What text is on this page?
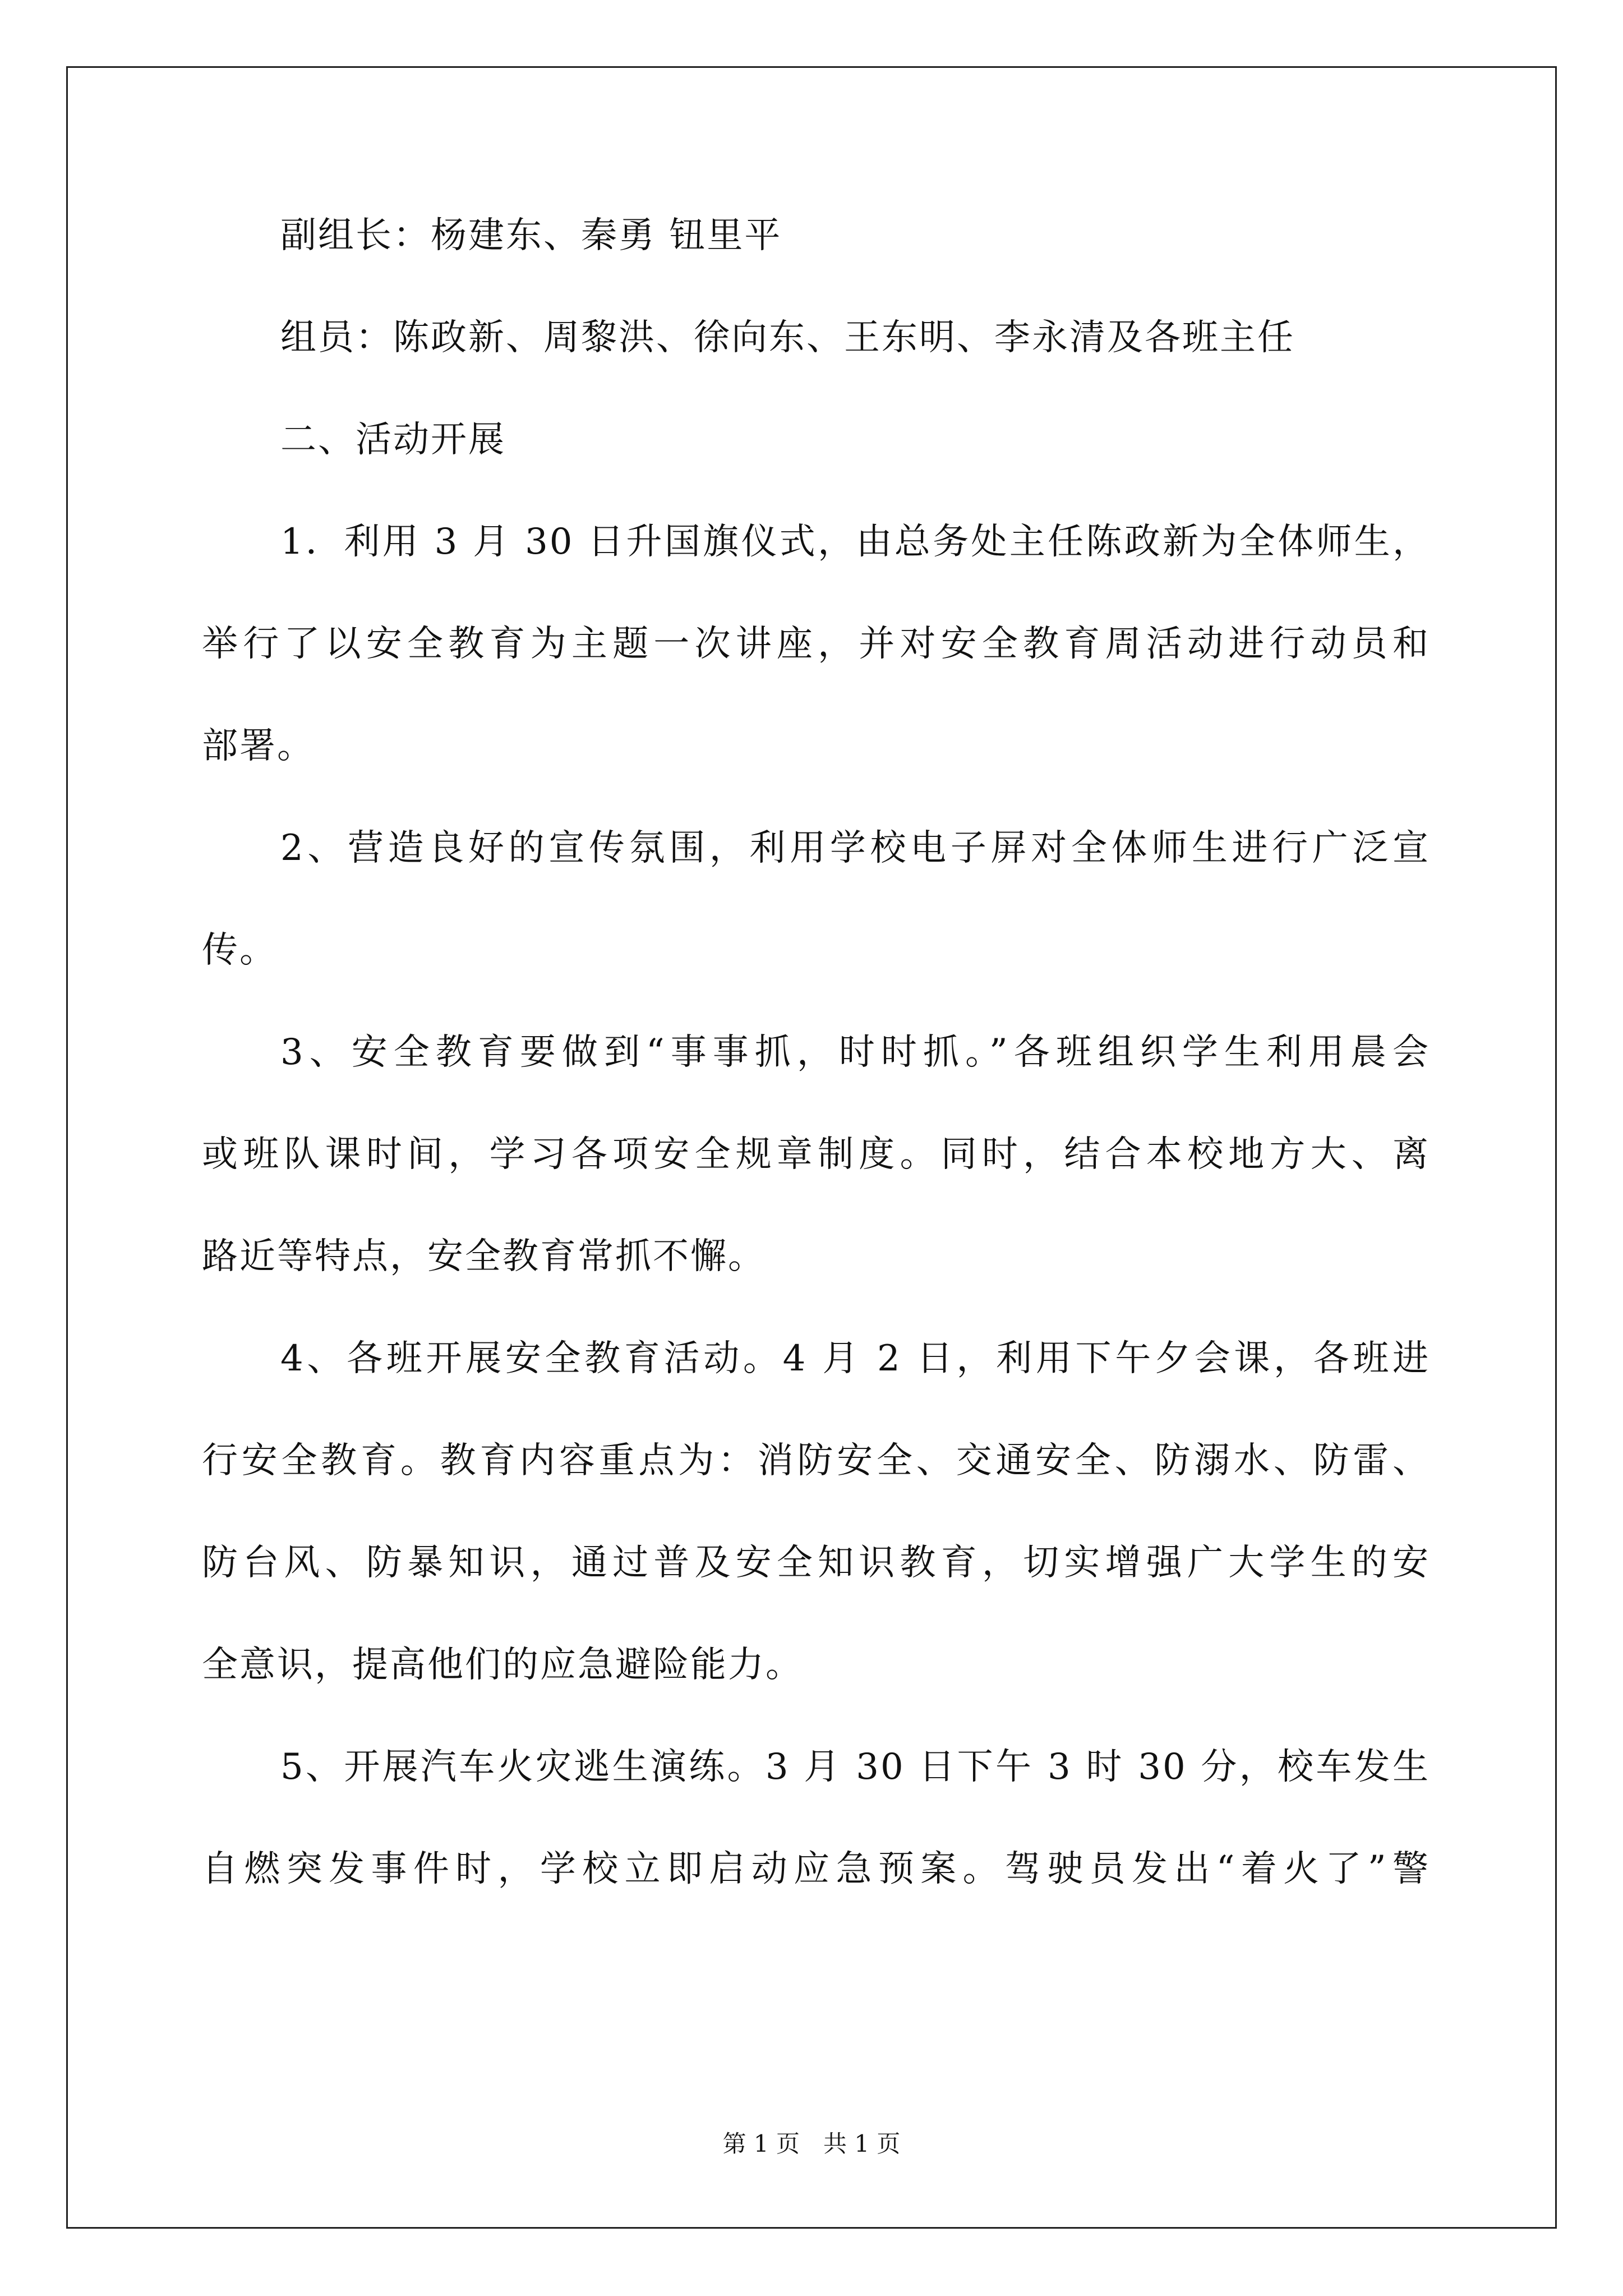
副组长：杨建东、秦勇 钮里平
组员：陈政新、周黎洪、徐向东、王东明、李永清及各班主任
二、活动开展
1．利用 3 月 30 日升国旗仪式，由总务处主任陈政新为全体师生，
举行了以安全教育为主题一次讲座，并对安全教育周活动进行动员和
部署。
2、营造良好的宣传氛围，利用学校电子屏对全体师生进行广泛宣
传。
3、安全教育要做到“事事抓，时时抓。”各班组织学生利用晨会
或班队课时间，学习各项安全规章制度。同时，结合本校地方大、离
路近等特点，安全教育常抓不懈。
4、各班开展安全教育活动。4 月 2 日，利用下午夕会课，各班进
行安全教育。教育内容重点为：消防安全、交通安全、防溺水、防雷、
防台风、防暴知识，通过普及安全知识教育，切实增强广大学生的安
全意识，提高他们的应急避险能力。
5、开展汽车火灾逃生演练。3 月 30 日下午 3 时 30 分，校车发生
自燃突发事件时，学校立即启动应急预案。驾驶员发出“着火了”警
第 1 页　共 1 页
